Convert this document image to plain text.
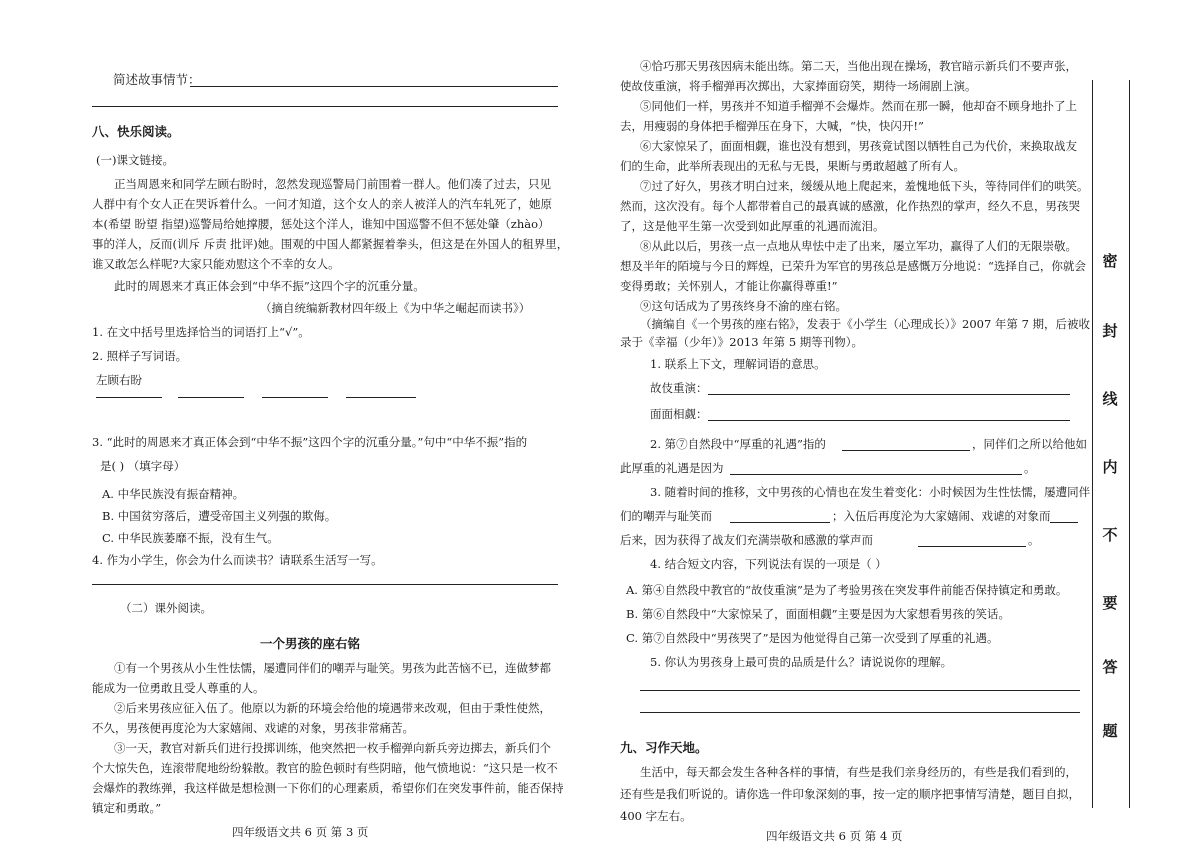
简述故事情节：
八、快乐阅读。
(一)课文链接。
正当周恩来和同学左顾右盼时，忽然发现巡警局门前围着一群人。他们凑了过去，只见
人群中有个女人正在哭诉着什么。一问才知道，这个女人的亲人被洋人的汽车轧死了，她原
本(希望 盼望 指望)巡警局给她撑腰，惩处这个洋人，谁知中国巡警不但不惩处肇（zhào）
事的洋人，反而(训斥 斥责 批评)她。围观的中国人都紧握着拳头，但这是在外国人的租界里，
谁又敢怎么样呢?大家只能劝慰这个不幸的女人。
此时的周恩来才真正体会到“中华不振”这四个字的沉重分量。
（摘自统编新教材四年级上《为中华之崛起而读书》）
1. 在文中括号里选择恰当的词语打上“√”。
2. 照样子写词语。
左顾右盼
3. “此时的周恩来才真正体会到“中华不振”这四个字的沉重分量。”句中“中华不振”指的
是( ) （填字母）
A. 中华民族没有振奋精神。
B. 中国贫穷落后，遭受帝国主义列强的欺侮。
C. 中华民族萎靡不振，没有生气。
4. 作为小学生，你会为什么而读书？请联系生活写一写。
（二）课外阅读。
一个男孩的座右铭
①有一个男孩从小生性怯懦，屡遭同伴们的嘲弄与耻笑。男孩为此苦恼不已，连做梦都
能成为一位勇敢且受人尊重的人。
②后来男孩应征入伍了。他原以为新的环境会给他的境遇带来改观，但由于秉性使然，
不久，男孩便再度沦为大家嬉闹、戏谑的对象，男孩非常痛苦。
③一天，教官对新兵们进行投掷训练，他突然把一枚手榴弹向新兵旁边掷去，新兵们个
个大惊失色，连滚带爬地纷纷躲散。教官的脸色顿时有些阴暗，他气愤地说：“这只是一枚不
会爆炸的教练弹，我这样做是想检测一下你们的心理素质，希望你们在突发事件前，能否保持
镇定和勇敢。”
四年级语文共 6 页 第 3 页
④恰巧那天男孩因病未能出练。第二天，当他出现在操场，教官暗示新兵们不要声张，
使故伎重演，将手榴弹再次掷出，大家捧面窃笑，期待一场闹剧上演。
⑤同他们一样，男孩并不知道手榴弹不会爆炸。然而在那一瞬，他却奋不顾身地扑了上
去，用瘦弱的身体把手榴弹压在身下，大喊，“快，快闪开!”
⑥大家惊呆了，面面相觑，谁也没有想到，男孩竟试图以牺牲自己为代价，来换取战友
们的生命，此举所表现出的无私与无畏，果断与勇敢超越了所有人。
⑦过了好久，男孩才明白过来，缓缓从地上爬起来，羞愧地低下头，等待同伴们的哄笑。
然而，这次没有。每个人都带着自己的最真诚的感激，化作热烈的掌声，经久不息，男孩哭
了，这是他平生第一次受到如此厚重的礼遇而流泪。
⑧从此以后，男孩一点一点地从卑怯中走了出来，屡立军功，赢得了人们的无限崇敬。
想及半年的陌境与今日的辉煌，已荣升为军官的男孩总是感慨万分地说：“选择自己，你就会
变得勇敢；关怀别人，才能让你赢得尊重!”
⑨这句话成为了男孩终身不渝的座右铭。
（摘编自《一个男孩的座右铭》，发表于《小学生（心理成长）》2007 年第 7 期，后被收
录于《幸福（少年）》2013 年第 5 期等刊物）。
1. 联系上下文，理解词语的意思。
故伎重演：
面面相觑：
2. 第⑦自然段中“厚重的礼遇”指的	，同伴们之所以给他如
此厚重的礼遇是因为	。
3. 随着时间的推移，文中男孩的心情也在发生着变化：小时候因为生性怯懦，屡遭同伴
们的嘲弄与耻笑而	；入伍后再度沦为大家嬉闹、戏谑的对象而
后来，因为获得了战友们充满崇敬和感激的掌声而	。
4. 结合短文内容，下列说法有误的一项是（ ）
A. 第④自然段中教官的“故伎重演”是为了考验男孩在突发事件前能否保持镇定和勇敢。
B. 第⑥自然段中“大家惊呆了，面面相觑”主要是因为大家想看男孩的笑话。
C. 第⑦自然段中“男孩哭了”是因为他觉得自己第一次受到了厚重的礼遇。
5. 你认为男孩身上最可贵的品质是什么？请说说你的理解。
九、习作天地。
生活中，每天都会发生各种各样的事情，有些是我们亲身经历的，有些是我们看到的，
还有些是我们听说的。请你选一件印象深刻的事，按一定的顺序把事情写清楚，题目自拟，
400 字左右。
四年级语文共 6 页 第 4 页
密
封
线
内
不
要
答
题
